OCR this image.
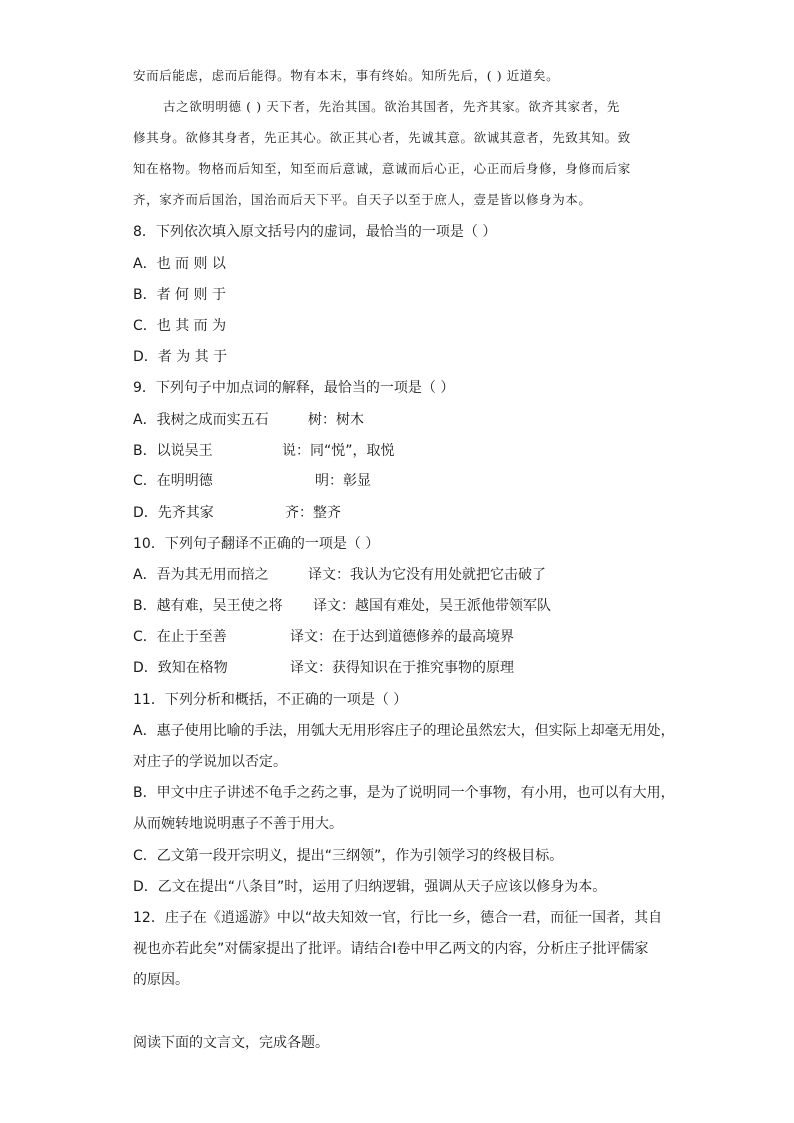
安而后能虑，虑而后能得。物有本末，事有终始。知所先后，( ) 近道矣。
古之欲明明德 ( ) 天下者，先治其国。欲治其国者，先齐其家。欲齐其家者，先
修其身。欲修其身者，先正其心。欲正其心者，先诚其意。欲诚其意者，先致其知。致
知在格物。物格而后知至，知至而后意诚，意诚而后心正，心正而后身修，身修而后家
齐，家齐而后国治，国治而后天下平。自天子以至于庶人，壹是皆以修身为本。
8．下列依次填入原文括号内的虚词，最恰当的一项是（ ）
A．也 而 则 以
B．者 何 则 于
C．也 其 而 为
D．者 为 其 于
9．下列句子中加点词的解释，最恰当的一项是（ ）
A．我树之成而实五石	树：树木
B．以说吴王	说：同“悦”，取悦
C．在明明德	明：彰显
D．先齐其家	齐：整齐
10．下列句子翻译不正确的一项是（ ）
A．吾为其无用而掊之	译文：我认为它没有用处就把它击破了
B．越有难，吴王使之将 译文：越国有难处，吴王派他带领军队
C．在止于至善	译文：在于达到道德修养的最高境界
D．致知在格物	译文：获得知识在于推究事物的原理
11．下列分析和概括，不正确的一项是（ ）
A．惠子使用比喻的手法，用瓠大无用形容庄子的理论虽然宏大，但实际上却毫无用处，
对庄子的学说加以否定。
B．甲文中庄子讲述不龟手之药之事，是为了说明同一个事物，有小用，也可以有大用，
从而婉转地说明惠子不善于用大。
C．乙文第一段开宗明义，提出“三纲领”，作为引领学习的终极目标。
D．乙文在提出“八条目”时，运用了归纳逻辑，强调从天子应该以修身为本。
12．庄子在《逍遥游》中以“故夫知效一官，行比一乡，德合一君，而征一国者，其自
视也亦若此矣”对儒家提出了批评。请结合Ⅰ卷中甲乙两文的内容，分析庄子批评儒家
的原因。
阅读下面的文言文，完成各题。
